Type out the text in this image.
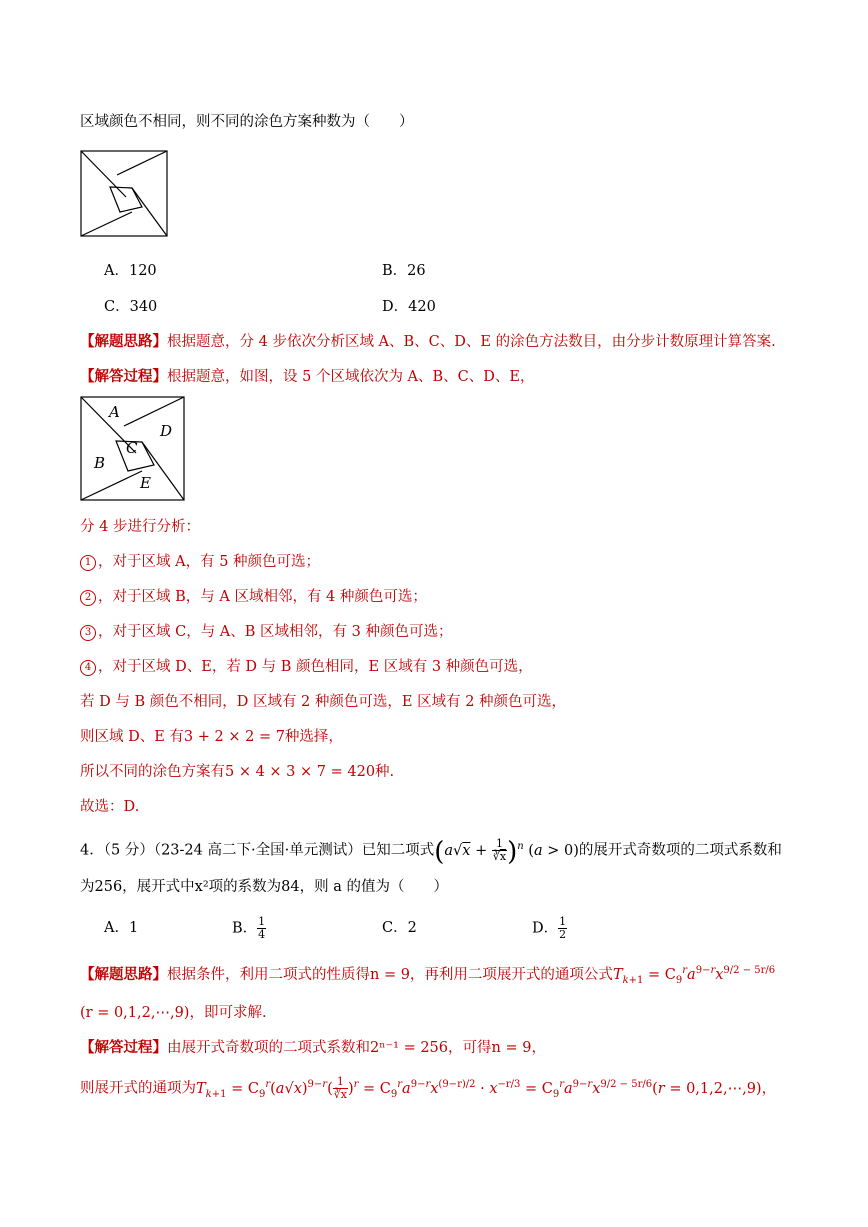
区域颜色不相同，则不同的涂色方案种数为（　　）
A．120	B．26
C．340	D．420
【解题思路】根据题意，分 4 步依次分析区域 A、B、C、D、E 的涂色方法数目，由分步计数原理计算答案.
【解答过程】根据题意，如图，设 5 个区域依次为 A、B、C、D、E，
A
D
C
B
E
分 4 步进行分析：
1 ，对于区域 A，有 5 种颜色可选；
2 ，对于区域 B，与 A 区域相邻，有 4 种颜色可选；
3 ，对于区域 C，与 A、B 区域相邻，有 3 种颜色可选；
4 ，对于区域 D、E，若 D 与 B 颜色相同，E 区域有 3 种颜色可选，
若 D 与 B 颜色不相同，D 区域有 2 种颜色可选，E 区域有 2 种颜色可选，
则区域 D、E 有3 + 2 × 2 = 7种选择，
所以不同的涂色方案有5 × 4 × 3 × 7 = 420种.
故选：D.
4．（5 分）（23-24 高二下·全国·单元测试）已知二项式$(a√x + \frac{1}{∛\overline{x}} )^n$ (a > 0)的展开式奇数项的二项式系数和
为256，展开式中x²项的系数为84，则 a 的值为（　　）
A．1	B． $\frac{1}{4}$	C．2	D． $\frac{1}{2}$
【解题思路】根据条件，利用二项式的性质得n = 9，再利用二项展开式的通项公式$T_{k+1} = C_9^ra^{9-r}x^{9/2 - 5r/6}$
(r = 0,1,2,⋯,9)，即可求解.
【解答过程】由展开式奇数项的二项式系数和2ⁿ⁻¹ = 256，可得n = 9，
则展开式的通项为$T_{k+1} = C_9^r(a√x)^{9-r}( \frac{1}{∛x} )^r = C_9^ra^{9-r}x^{(9-r)/2} \cdot x^{-r/3} = C_9^ra^{9-r}x^{9/2 - 5r/6}(r$ = 0,1,2,⋯,9)，
